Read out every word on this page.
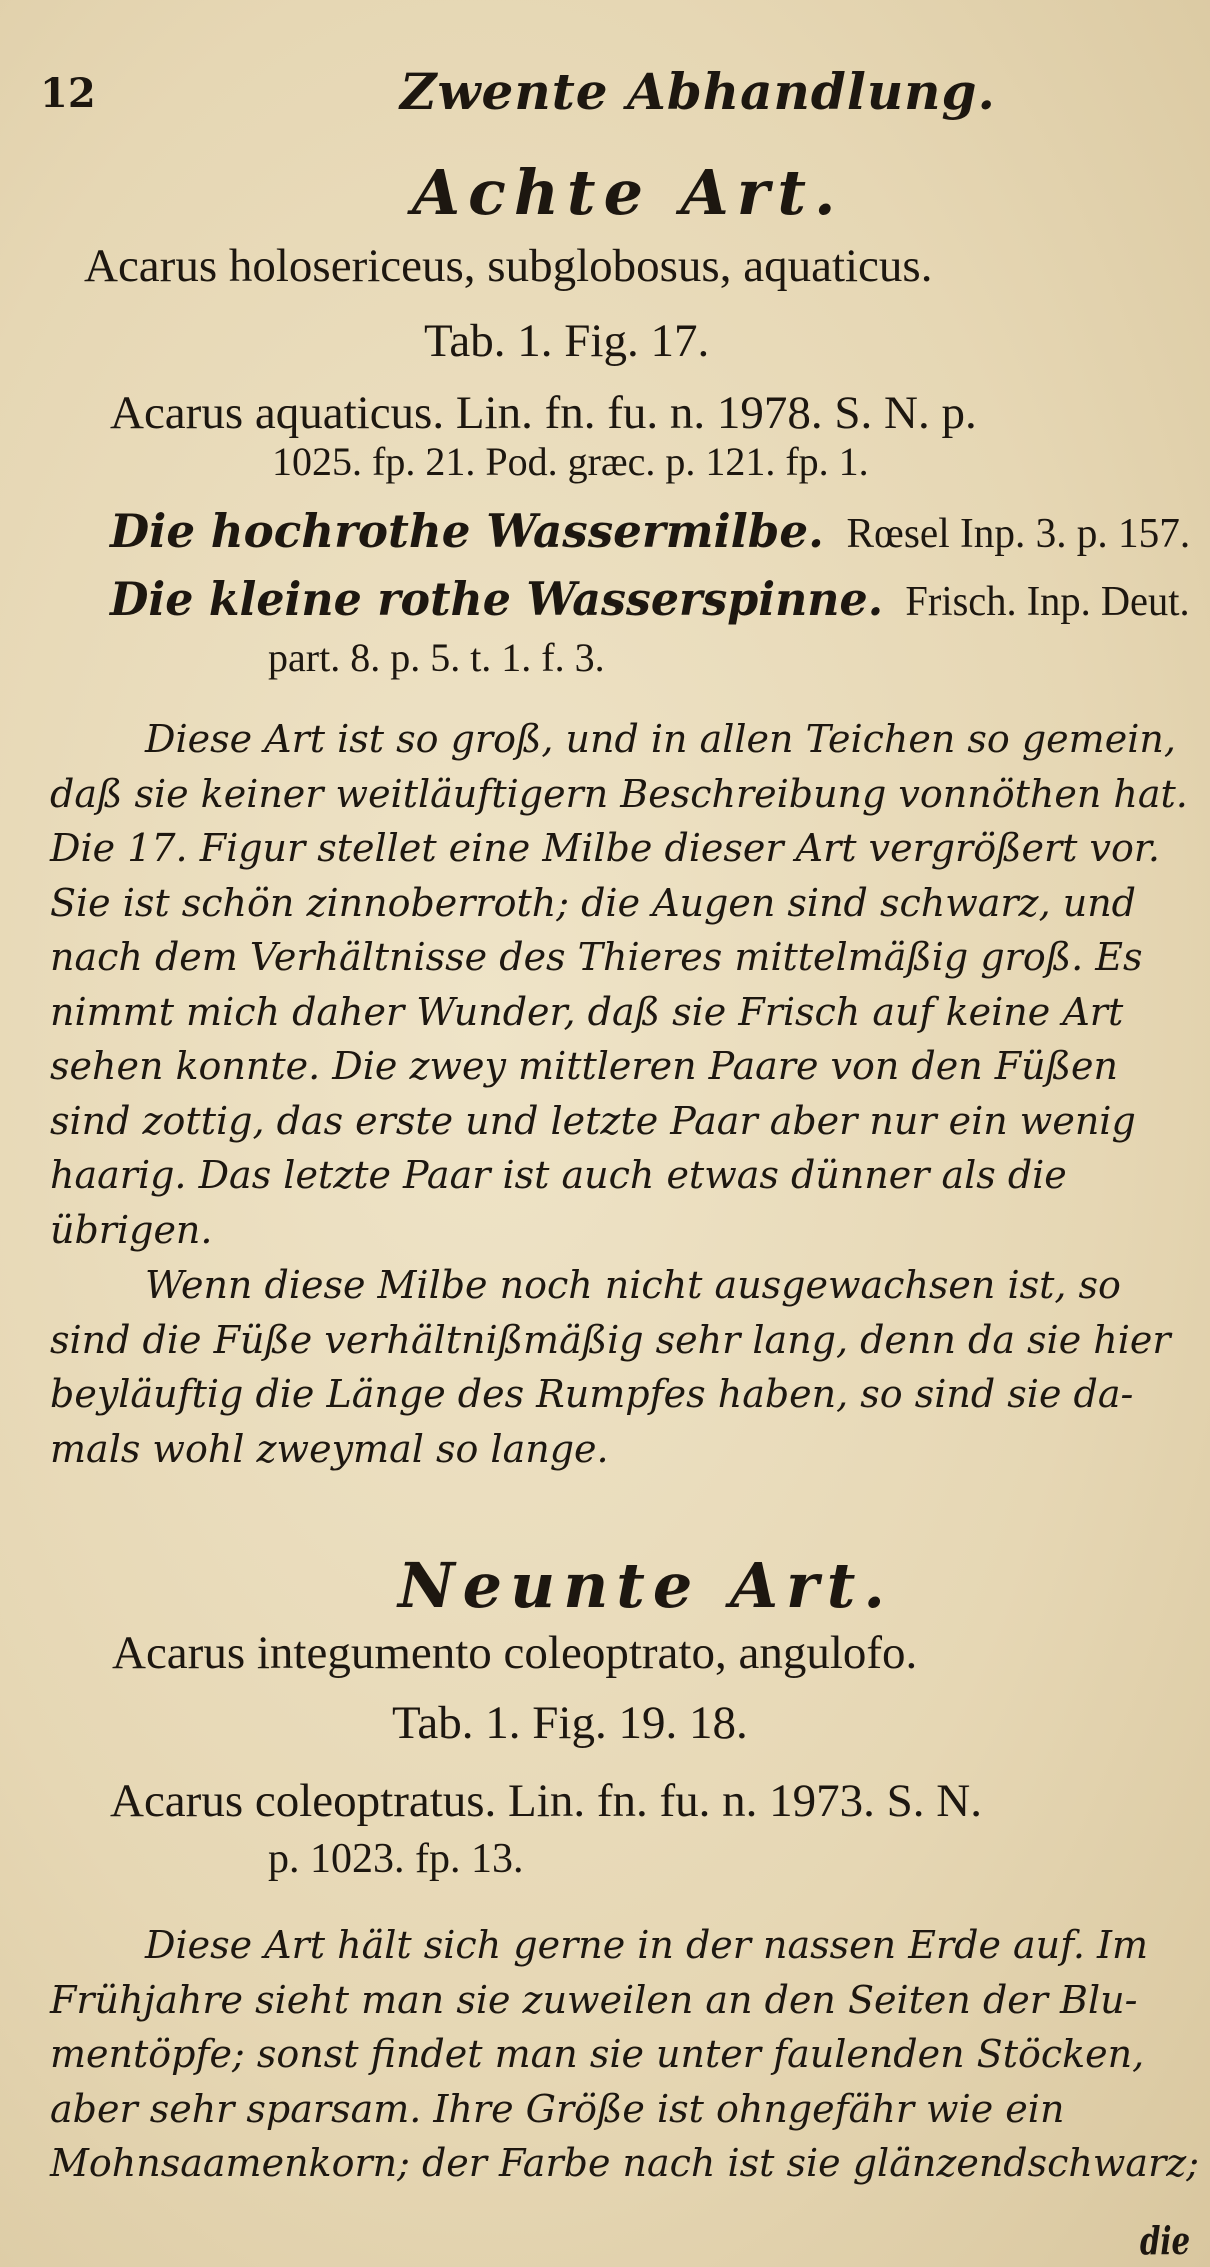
12	Zwente Abhandlung.
Achte Art.
Acarus holosericeus, subglobosus, aquaticus.
Tab. 1. Fig. 17.
Acarus aquaticus. Lin. fn. fu. n. 1978. S. N. p.
1025. fp. 21. Pod. græc. p. 121. fp. 1.
Die hochrothe Wassermilbe. Rœsel Inp. 3. p. 157.
Die kleine rothe Wasserspinne. Frisch. Inp. Deut.
part. 8. p. 5. t. 1. f. 3.
Diese Art ist so groß, und in allen Teichen so gemein,
daß sie keiner weitläuftigern Beschreibung vonnöthen hat.
Die 17. Figur stellet eine Milbe dieser Art vergrößert vor.
Sie ist schön zinnoberroth; die Augen sind schwarz, und
nach dem Verhältnisse des Thieres mittelmäßig groß. Es
nimmt mich daher Wunder, daß sie Frisch auf keine Art
sehen konnte. Die zwey mittleren Paare von den Füßen
sind zottig, das erste und letzte Paar aber nur ein wenig
haarig. Das letzte Paar ist auch etwas dünner als die
übrigen.
Wenn diese Milbe noch nicht ausgewachsen ist, so
sind die Füße verhältnißmäßig sehr lang, denn da sie hier
beyläuftig die Länge des Rumpfes haben, so sind sie da-
mals wohl zweymal so lange.
Neunte Art.
Acarus integumento coleoptrato, angulofo.
Tab. 1. Fig. 19. 18.
Acarus coleoptratus. Lin. fn. fu. n. 1973. S. N.
p. 1023. fp. 13.
Diese Art hält sich gerne in der nassen Erde auf. Im
Frühjahre sieht man sie zuweilen an den Seiten der Blu-
mentöpfe; sonst findet man sie unter faulenden Stöcken,
aber sehr sparsam. Ihre Größe ist ohngefähr wie ein
Mohnsaamenkorn; der Farbe nach ist sie glänzendschwarz;
die
